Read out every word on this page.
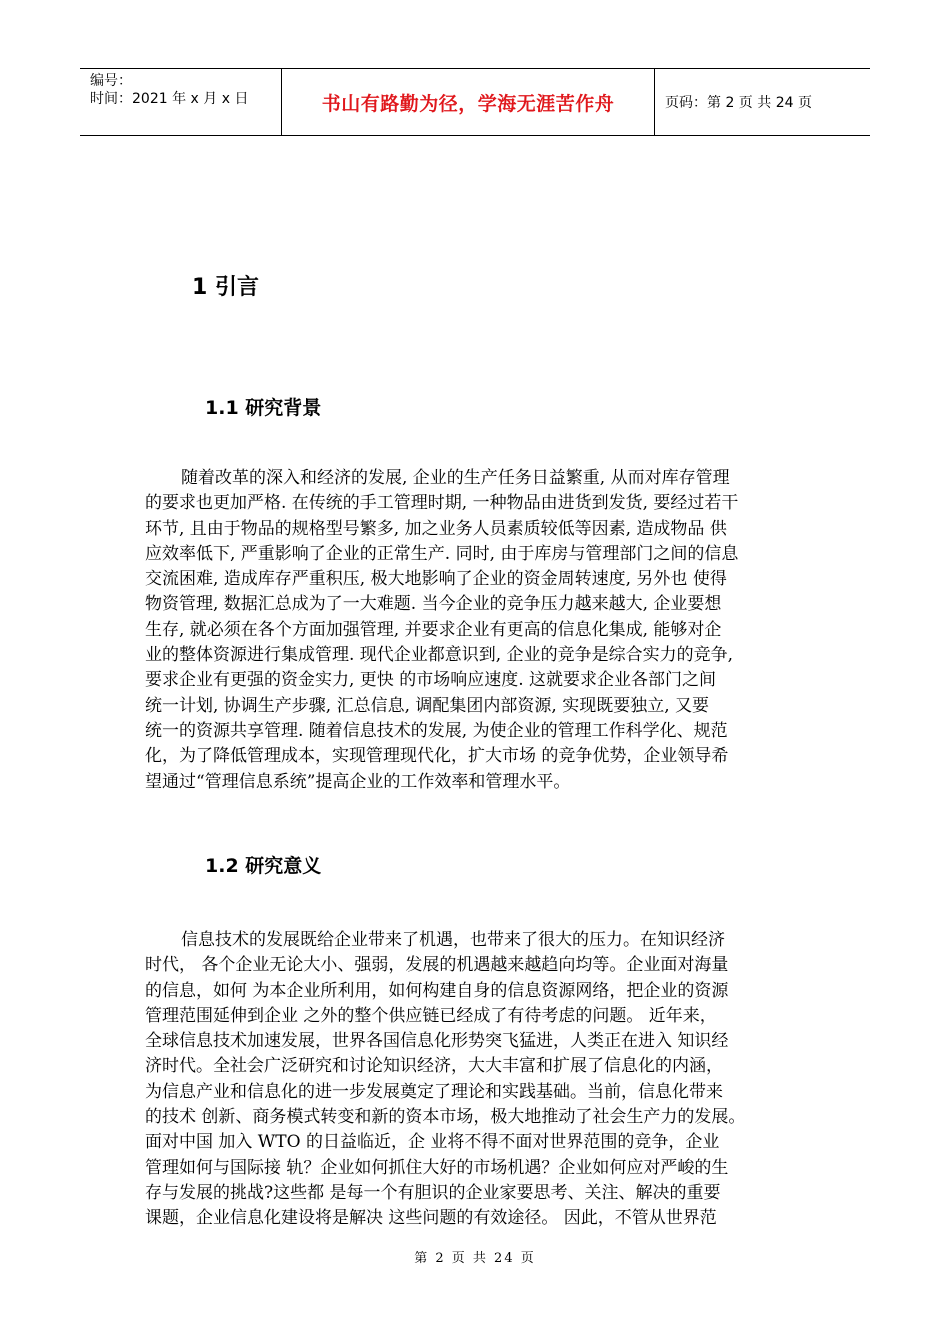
编号：
时间：2021 年 x 月 x 日	书山有路勤为径，学海无涯苦作舟	页码：第 2 页 共 24 页
1 引言
1.1 研究背景
随着改革的深入和经济的发展, 企业的生产任务日益繁重, 从而对库存管理
的要求也更加严格. 在传统的手工管理时期, 一种物品由进货到发货, 要经过若干
环节, 且由于物品的规格型号繁多, 加之业务人员素质较低等因素, 造成物品 供
应效率低下, 严重影响了企业的正常生产. 同时, 由于库房与管理部门之间的信息
交流困难, 造成库存严重积压, 极大地影响了企业的资金周转速度, 另外也 使得
物资管理, 数据汇总成为了一大难题. 当今企业的竞争压力越来越大, 企业要想
生存, 就必须在各个方面加强管理, 并要求企业有更高的信息化集成, 能够对企
业的整体资源进行集成管理. 现代企业都意识到, 企业的竞争是综合实力的竞争,
要求企业有更强的资金实力, 更快 的市场响应速度. 这就要求企业各部门之间
统一计划, 协调生产步骤, 汇总信息, 调配集团内部资源, 实现既要独立, 又要
统一的资源共享管理. 随着信息技术的发展, 为使企业的管理工作科学化、规范
化，为了降低管理成本，实现管理现代化，扩大市场 的竞争优势，企业领导希
望通过“管理信息系统”提高企业的工作效率和管理水平。
1.2 研究意义
信息技术的发展既给企业带来了机遇，也带来了很大的压力。在知识经济
时代， 各个企业无论大小、强弱，发展的机遇越来越趋向均等。企业面对海量
的信息，如何 为本企业所利用，如何构建自身的信息资源网络，把企业的资源
管理范围延伸到企业 之外的整个供应链已经成了有待考虑的问题。 近年来，
全球信息技术加速发展，世界各国信息化形势突飞猛进，人类正在进入 知识经
济时代。全社会广泛研究和讨论知识经济，大大丰富和扩展了信息化的内涵，
为信息产业和信息化的进一步发展奠定了理论和实践基础。当前，信息化带来
的技术 创新、商务模式转变和新的资本市场，极大地推动了社会生产力的发展。
面对中国 加入 WTO 的日益临近，企 业将不得不面对世界范围的竞争，企业
管理如何与国际接 轨？企业如何抓住大好的市场机遇？企业如何应对严峻的生
存与发展的挑战?这些都 是每一个有胆识的企业家要思考、关注、解决的重要
课题，企业信息化建设将是解决 这些问题的有效途径。 因此，不管从世界范
第 2 页 共 24 页
